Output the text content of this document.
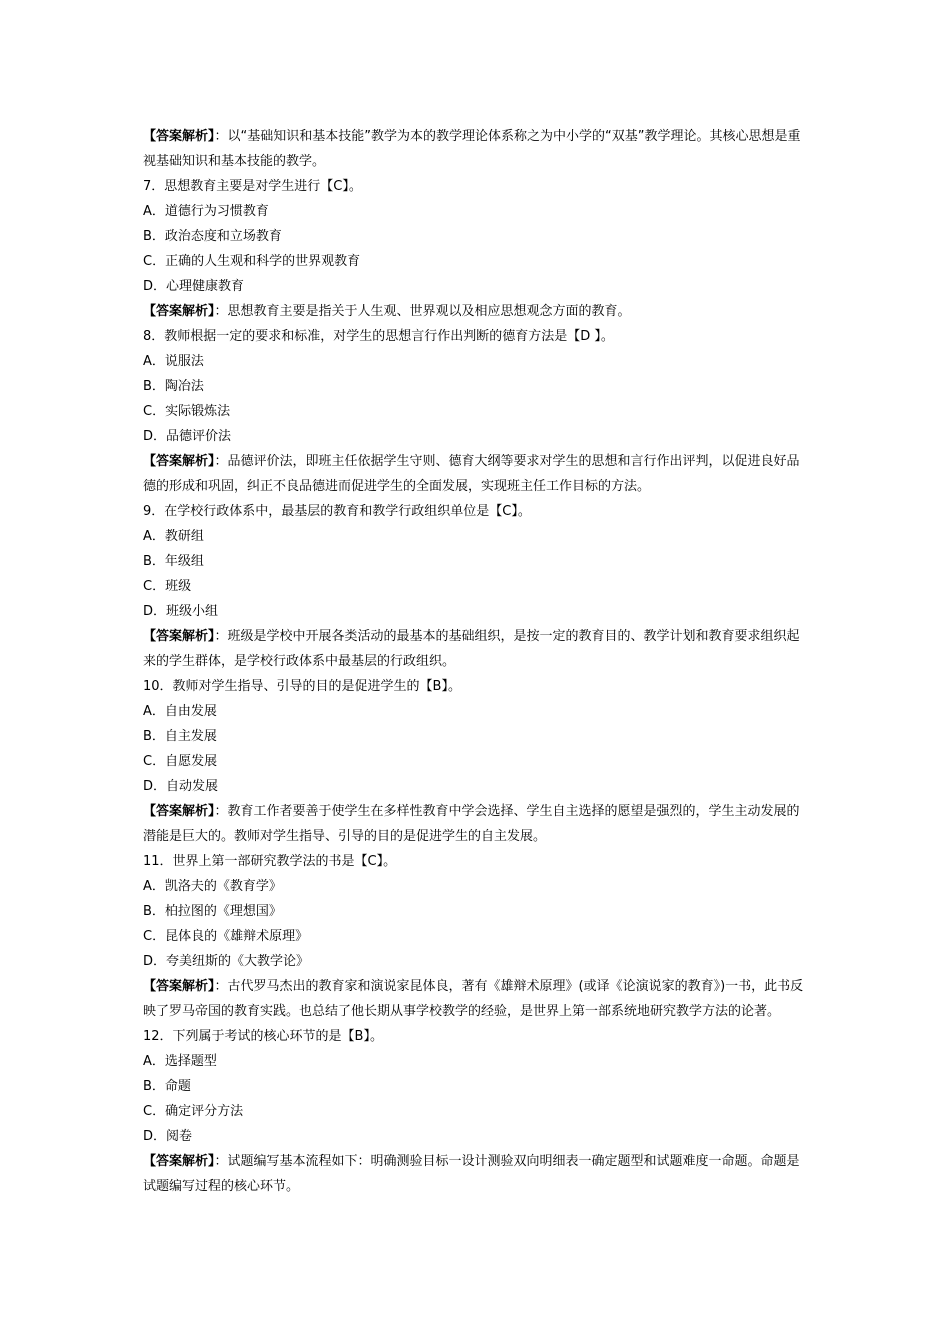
【答案解析】：以“基础知识和基本技能”教学为本的教学理论体系称之为中小学的“双基”教学理论。其核心思想是重视基础知识和基本技能的教学。
7．思想教育主要是对学生进行【C】。
A．道德行为习惯教育
B．政治态度和立场教育
C．正确的人生观和科学的世界观教育
D．心理健康教育
【答案解析】：思想教育主要是指关于人生观、世界观以及相应思想观念方面的教育。
8．教师根据一定的要求和标准，对学生的思想言行作出判断的德育方法是【D 】。
A．说服法
B．陶冶法
C．实际锻炼法
D．品德评价法
【答案解析】：品德评价法，即班主任依据学生守则、德育大纲等要求对学生的思想和言行作出评判，以促进良好品德的形成和巩固，纠正不良品德进而促进学生的全面发展，实现班主任工作目标的方法。
9．在学校行政体系中，最基层的教育和教学行政组织单位是【C】。
A．教研组
B．年级组
C．班级
D．班级小组
【答案解析】：班级是学校中开展各类活动的最基本的基础组织，是按一定的教育目的、教学计划和教育要求组织起来的学生群体，是学校行政体系中最基层的行政组织。
10．教师对学生指导、引导的目的是促进学生的【B】。
A．自由发展
B．自主发展
C．自愿发展
D．自动发展
【答案解析】：教育工作者要善于使学生在多样性教育中学会选择、学生自主选择的愿望是强烈的，学生主动发展的潜能是巨大的。教师对学生指导、引导的目的是促进学生的自主发展。
11．世界上第一部研究教学法的书是【C】。
A．凯洛夫的《教育学》
B．柏拉图的《理想国》
C．昆体良的《雄辩术原理》
D．夸美纽斯的《大教学论》
【答案解析】：古代罗马杰出的教育家和演说家昆体良，著有《雄辩术原理》(或译《论演说家的教育》)一书，此书反映了罗马帝国的教育实践。也总结了他长期从事学校教学的经验，是世界上第一部系统地研究教学方法的论著。
12．下列属于考试的核心环节的是【B】。
A．选择题型
B．命题
C．确定评分方法
D．阅卷
【答案解析】：试题编写基本流程如下：明确测验目标一设计测验双向明细表一确定题型和试题难度一命题。命题是试题编写过程的核心环节。
